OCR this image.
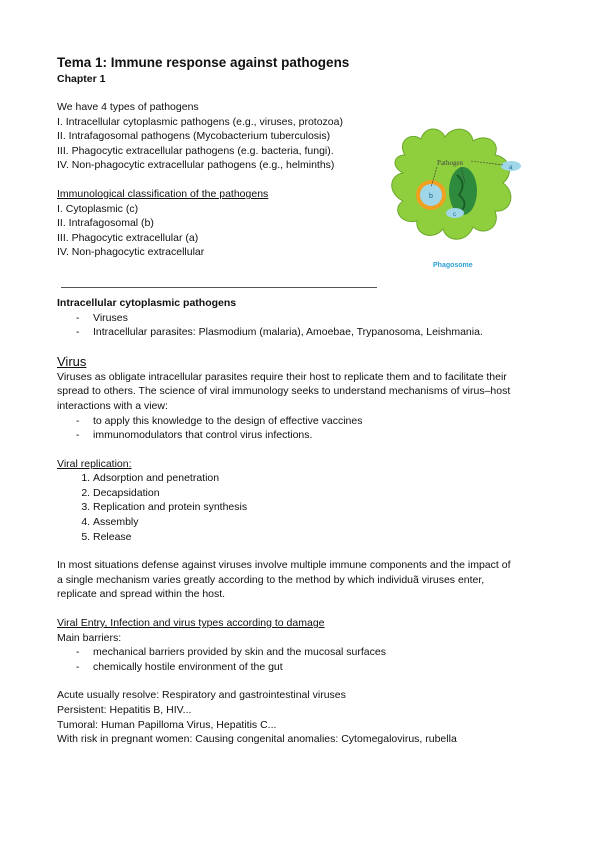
Tema 1: Immune response against pathogens

Chapter 1

We have 4 types of pathogens

I. Intracellular cytoplasmic pathogens (e.g., viruses, protozoa)

II. Intrafagosomal pathogens (Mycobacterium tuberculosis)

III. Phagocytic extracellular pathogens (e.g. bacteria, fungi).

IV. Non-phagocytic extracellular pathogens (e.g., helminths)

Immunological classification of the pathogens

I. Cytoplasmic (c)

II. Intrafagosomal (b)

III. Phagocytic extracellular (a)

IV. Non-phagocytic extracellular

Intracellular cytoplasmic pathogens

- Viruses
- Intracellular parasites: Plasmodium (malaria), Amoebae, Trypanosoma, Leishmania.

Virus

Viruses as obligate intracellular parasites require their host to replicate them and to facilitate their

spread to others. The science of viral immunology seeks to understand mechanisms of virus–host

interactions with a view:

- to apply this knowledge to the design of effective vaccines
- immunomodulators that control virus infections.

Viral replication:

1. Adsorption and penetration
2. Decapsidation
3. Replication and protein synthesis
4. Assembly
5. Release

In most situations defense against viruses involve multiple immune components and the impact of

a single mechanism varies greatly according to the method by which individuã viruses enter,

replicate and spread within the host.

Viral Entry, Infection and virus types according to damage

Main barriers:

- mechanical barriers provided by skin and the mucosal surfaces
- chemically hostile environment of the gut

Acute usually resolve: Respiratory and gastrointestinal viruses

Persistent: Hepatitis B, HIV...

Tumoral: Human Papilloma Virus, Hepatitis C...

With risk in pregnant women: Causing congenital anomalies: Cytomegalovirus, rubella

b
c
a
Pathogen
Phagosome
